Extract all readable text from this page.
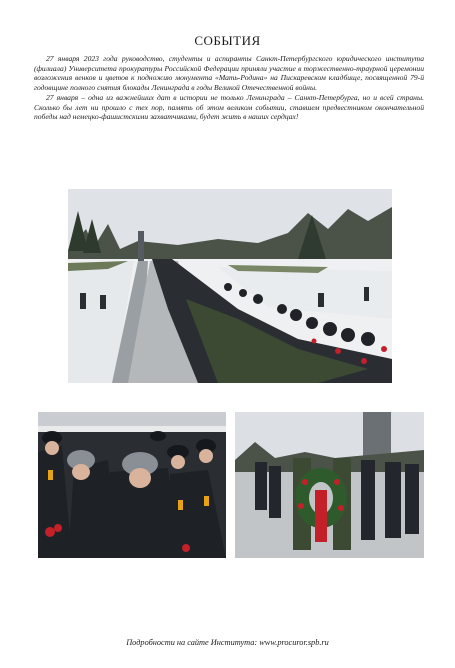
СОБЫТИЯ

27 января 2023 года руководство, студенты и аспиранты Санкт-Петербургского юридического института (филиала) Университета прокуратуры Российской Федерации приняли участие в торжественно-траурной церемонии возложения венков и цветов к подножию монумента «Мать-Родина» на Пискаревском кладбище, посвященной 79-й годовщине полного снятия блокады Ленинграда в годы Великой Отечественной войны.

27 января – одна из важнейших дат в истории не только Ленинграда – Санкт-Петербурга, но и всей страны. Сколько бы лет ни прошло с тех пор, память об этом великом событии, ставшем предвестником окончательной победы над немецко-фашистскими захватчиками, будет жить в наших сердцах!

Подробности на сайте Института: www.procuror.spb.ru
